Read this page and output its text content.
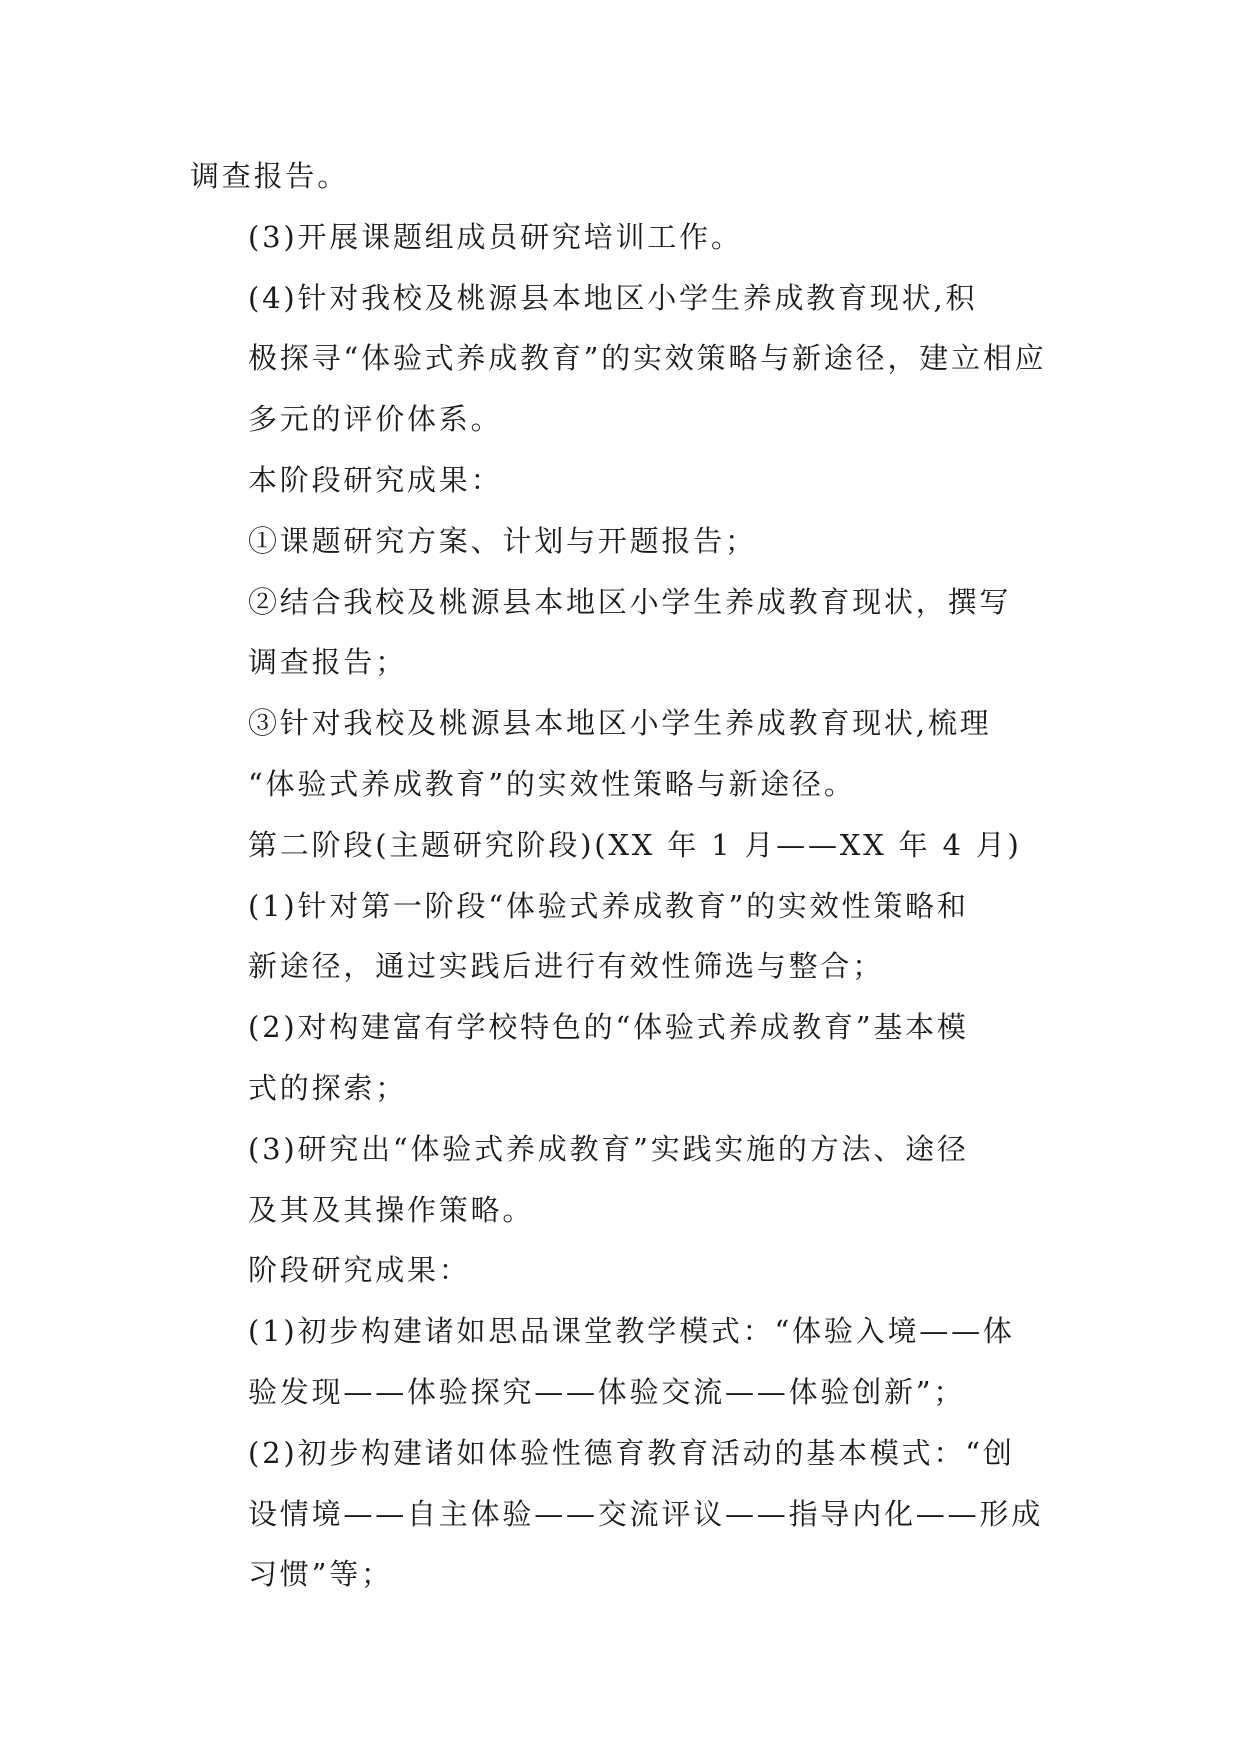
调查报告。
(3)开展课题组成员研究培训工作。
(4)针对我校及桃源县本地区小学生养成教育现状,积
极探寻“体验式养成教育”的实效策略与新途径，建立相应
多元的评价体系。
本阶段研究成果：
①课题研究方案、计划与开题报告；
②结合我校及桃源县本地区小学生养成教育现状，撰写
调查报告；
③针对我校及桃源县本地区小学生养成教育现状,梳理
“体验式养成教育”的实效性策略与新途径。
第二阶段(主题研究阶段)(XX 年 1 月——XX 年 4 月)
(1)针对第一阶段“体验式养成教育”的实效性策略和
新途径，通过实践后进行有效性筛选与整合；
(2)对构建富有学校特色的“体验式养成教育”基本模
式的探索；
(3)研究出“体验式养成教育”实践实施的方法、途径
及其及其操作策略。
阶段研究成果：
(1)初步构建诸如思品课堂教学模式：“体验入境——体
验发现——体验探究——体验交流——体验创新”；
(2)初步构建诸如体验性德育教育活动的基本模式：“创
设情境——自主体验——交流评议——指导内化——形成
习惯”等；
